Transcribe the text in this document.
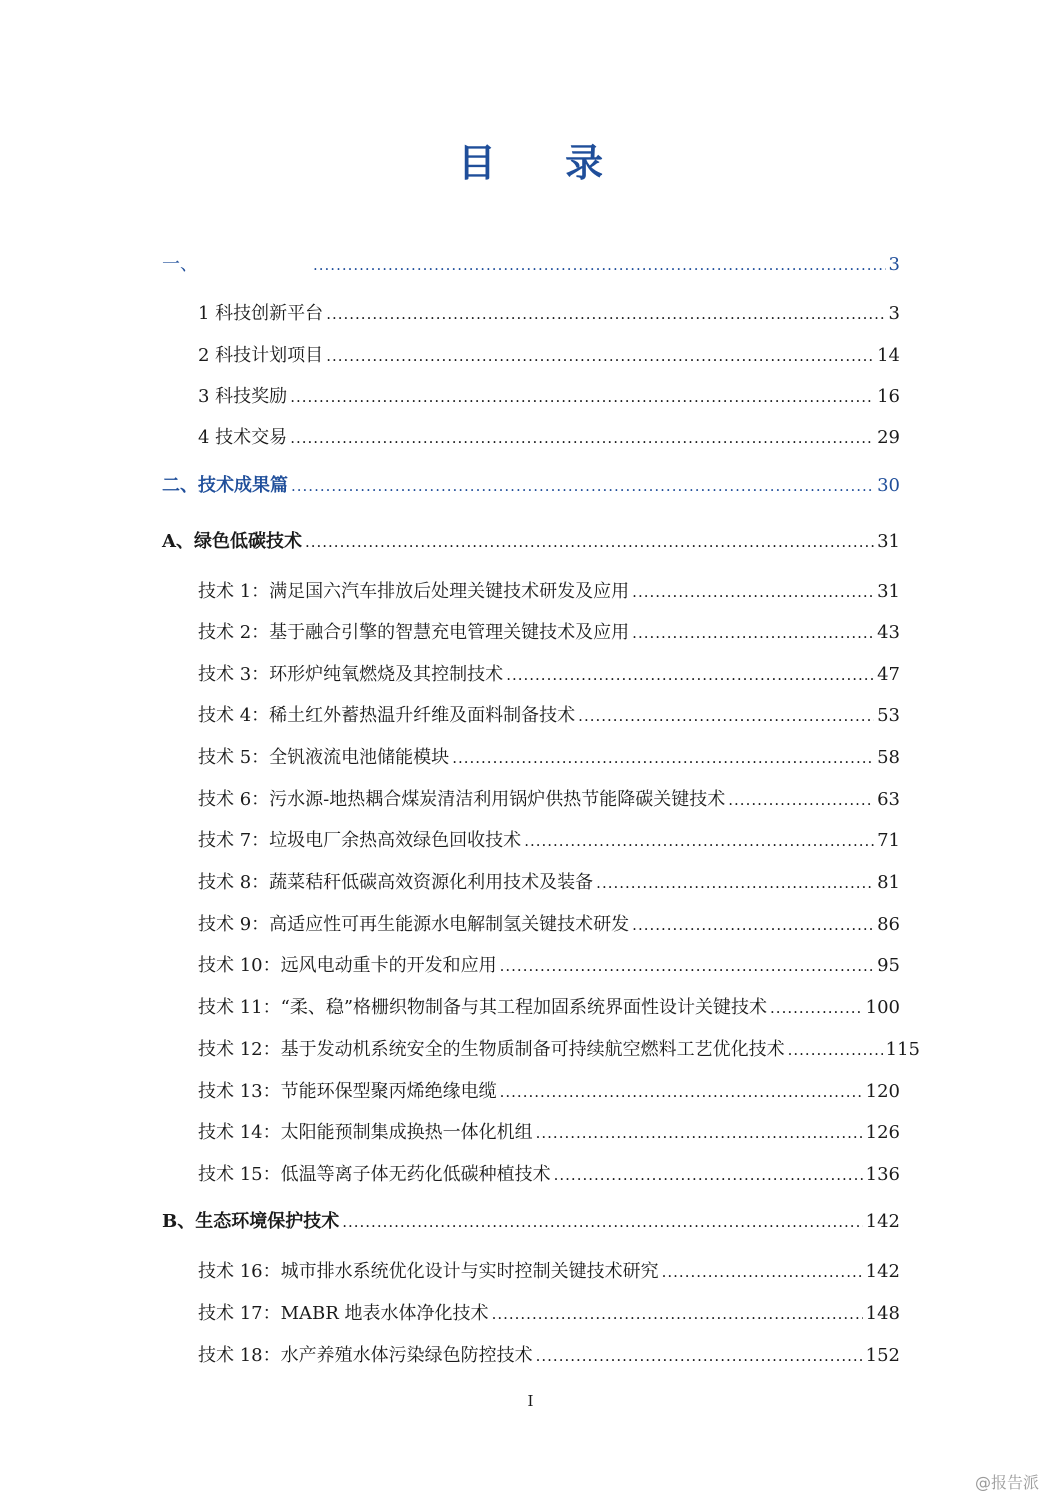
目 录
一、 .....	3
1 科技创新平台 .....	3
2 科技计划项目 .....	14
3 科技奖励 .....	16
4 技术交易 .....	29
二、技术成果篇 .....	30
A、绿色低碳技术 .....	31
技术 1：满足国六汽车排放后处理关键技术研发及应用 .....	31
技术 2：基于融合引擎的智慧充电管理关键技术及应用 .....	43
技术 3：环形炉纯氧燃烧及其控制技术 .....	47
技术 4：稀土红外蓄热温升纤维及面料制备技术 .....	53
技术 5：全钒液流电池储能模块 .....	58
技术 6：污水源-地热耦合煤炭清洁利用锅炉供热节能降碳关键技术 .....	63
技术 7：垃圾电厂余热高效绿色回收技术 .....	71
技术 8：蔬菜秸秆低碳高效资源化利用技术及装备 .....	81
技术 9：高适应性可再生能源水电解制氢关键技术研发 .....	86
技术 10：远风电动重卡的开发和应用 .....	95
技术 11：“柔、稳”格栅织物制备与其工程加固系统界面性设计关键技术 .....	100
技术 12：基于发动机系统安全的生物质制备可持续航空燃料工艺优化技术 .....	115
技术 13：节能环保型聚丙烯绝缘电缆 .....	120
技术 14：太阳能预制集成换热一体化机组 .....	126
技术 15：低温等离子体无药化低碳种植技术 .....	136
B、生态环境保护技术 .....	142
技术 16：城市排水系统优化设计与实时控制关键技术研究 .....	142
技术 17：MABR 地表水体净化技术 .....	148
技术 18：水产养殖水体污染绿色防控技术 .....	152
I
@报告派
